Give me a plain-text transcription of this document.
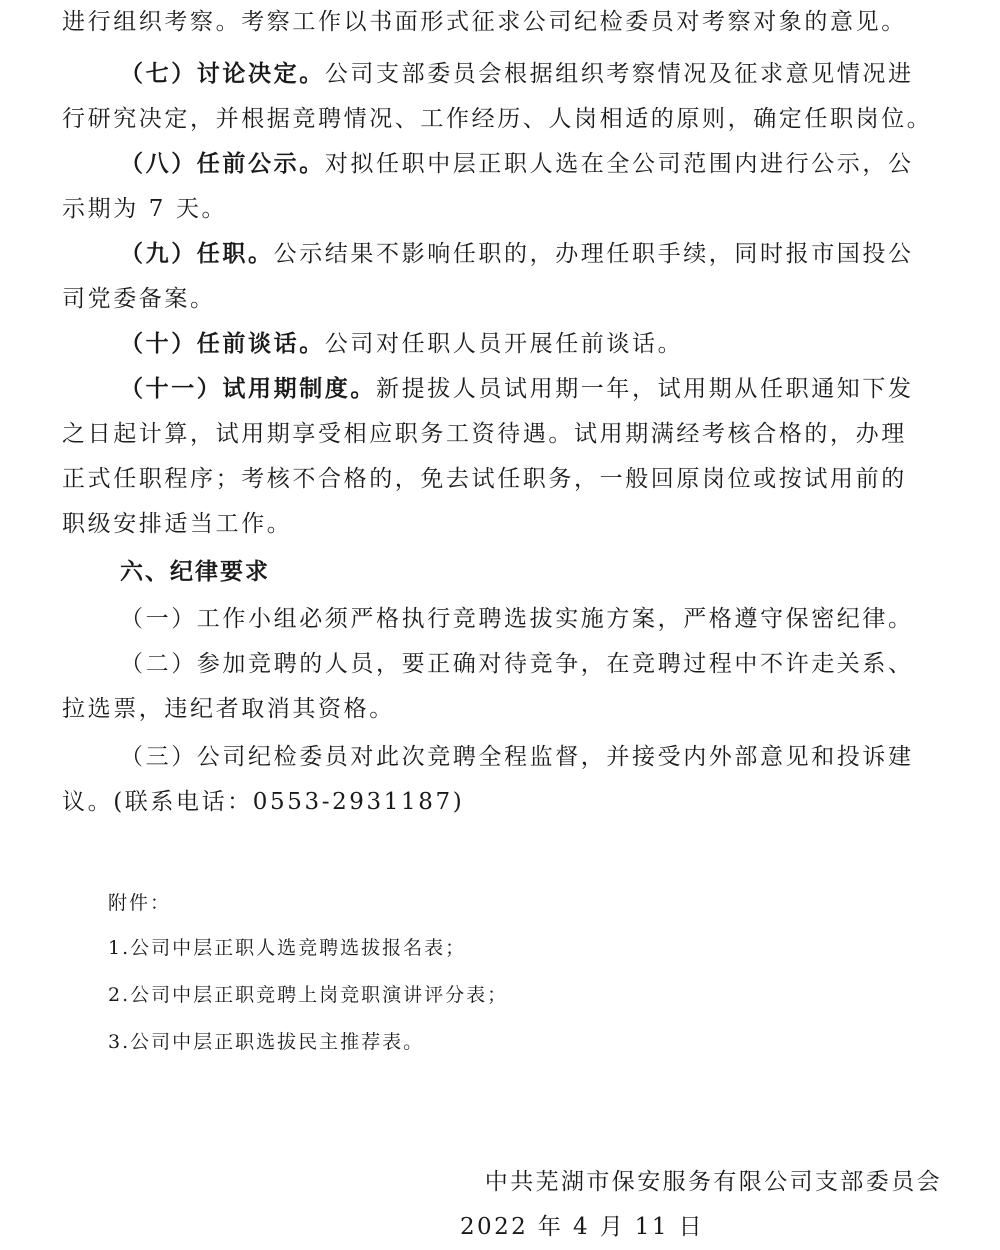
进行组织考察。考察工作以书面形式征求公司纪检委员对考察对象的意见。
（七）讨论决定。公司支部委员会根据组织考察情况及征求意见情况进
行研究决定，并根据竞聘情况、工作经历、人岗相适的原则，确定任职岗位。
（八）任前公示。对拟任职中层正职人选在全公司范围内进行公示，公
示期为 7 天。
（九）任职。公示结果不影响任职的，办理任职手续，同时报市国投公
司党委备案。
（十）任前谈话。公司对任职人员开展任前谈话。
（十一）试用期制度。新提拔人员试用期一年，试用期从任职通知下发
之日起计算，试用期享受相应职务工资待遇。试用期满经考核合格的，办理
正式任职程序；考核不合格的，免去试任职务，一般回原岗位或按试用前的
职级安排适当工作。
六、纪律要求
（一）工作小组必须严格执行竞聘选拔实施方案，严格遵守保密纪律。
（二）参加竞聘的人员，要正确对待竞争，在竞聘过程中不许走关系、
拉选票，违纪者取消其资格。
（三）公司纪检委员对此次竞聘全程监督，并接受内外部意见和投诉建
议。(联系电话：0553-2931187)
附件：
1.公司中层正职人选竞聘选拔报名表；
2.公司中层正职竞聘上岗竞职演讲评分表；
3.公司中层正职选拔民主推荐表。
中共芜湖市保安服务有限公司支部委员会
2022 年 4 月 11 日
